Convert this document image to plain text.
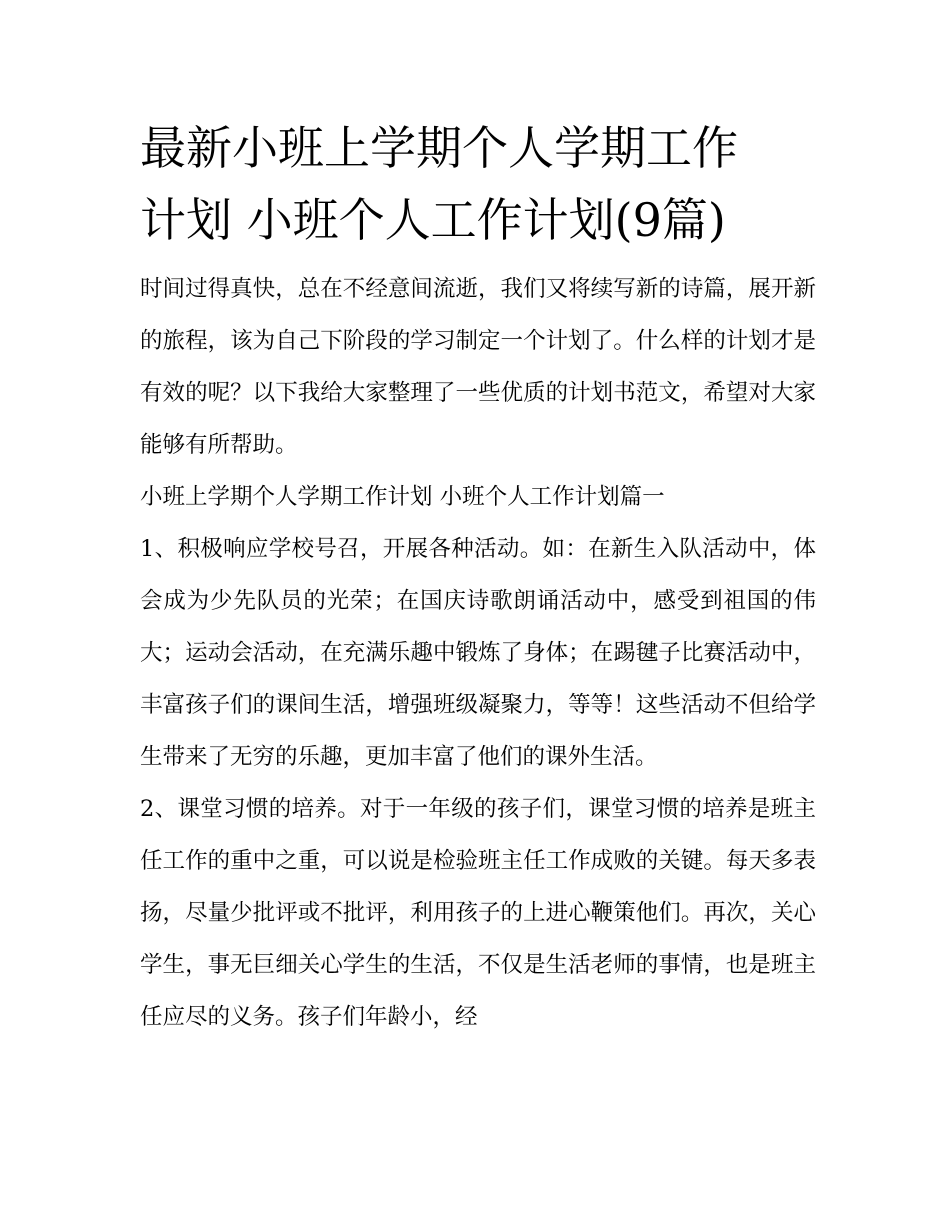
最新小班上学期个人学期工作
计划 小班个人工作计划(9篇)

时间过得真快，总在不经意间流逝，我们又将续写新的诗篇，展开新的旅程，该为自己下阶段的学习制定一个计划了。什么样的计划才是有效的呢？以下我给大家整理了一些优质的计划书范文，希望对大家能够有所帮助。

小班上学期个人学期工作计划 小班个人工作计划篇一

1、积极响应学校号召，开展各种活动。如：在新生入队活动中，体会成为少先队员的光荣；在国庆诗歌朗诵活动中，感受到祖国的伟大；运动会活动，在充满乐趣中锻炼了身体；在踢毽子比赛活动中，丰富孩子们的课间生活，增强班级凝聚力，等等！这些活动不但给学生带来了无穷的乐趣，更加丰富了他们的课外生活。

2、课堂习惯的培养。对于一年级的孩子们，课堂习惯的培养是班主任工作的重中之重，可以说是检验班主任工作成败的关键。每天多表扬，尽量少批评或不批评，利用孩子的上进心鞭策他们。再次，关心学生，事无巨细关心学生的生活，不仅是生活老师的事情，也是班主任应尽的义务。孩子们年龄小，经
